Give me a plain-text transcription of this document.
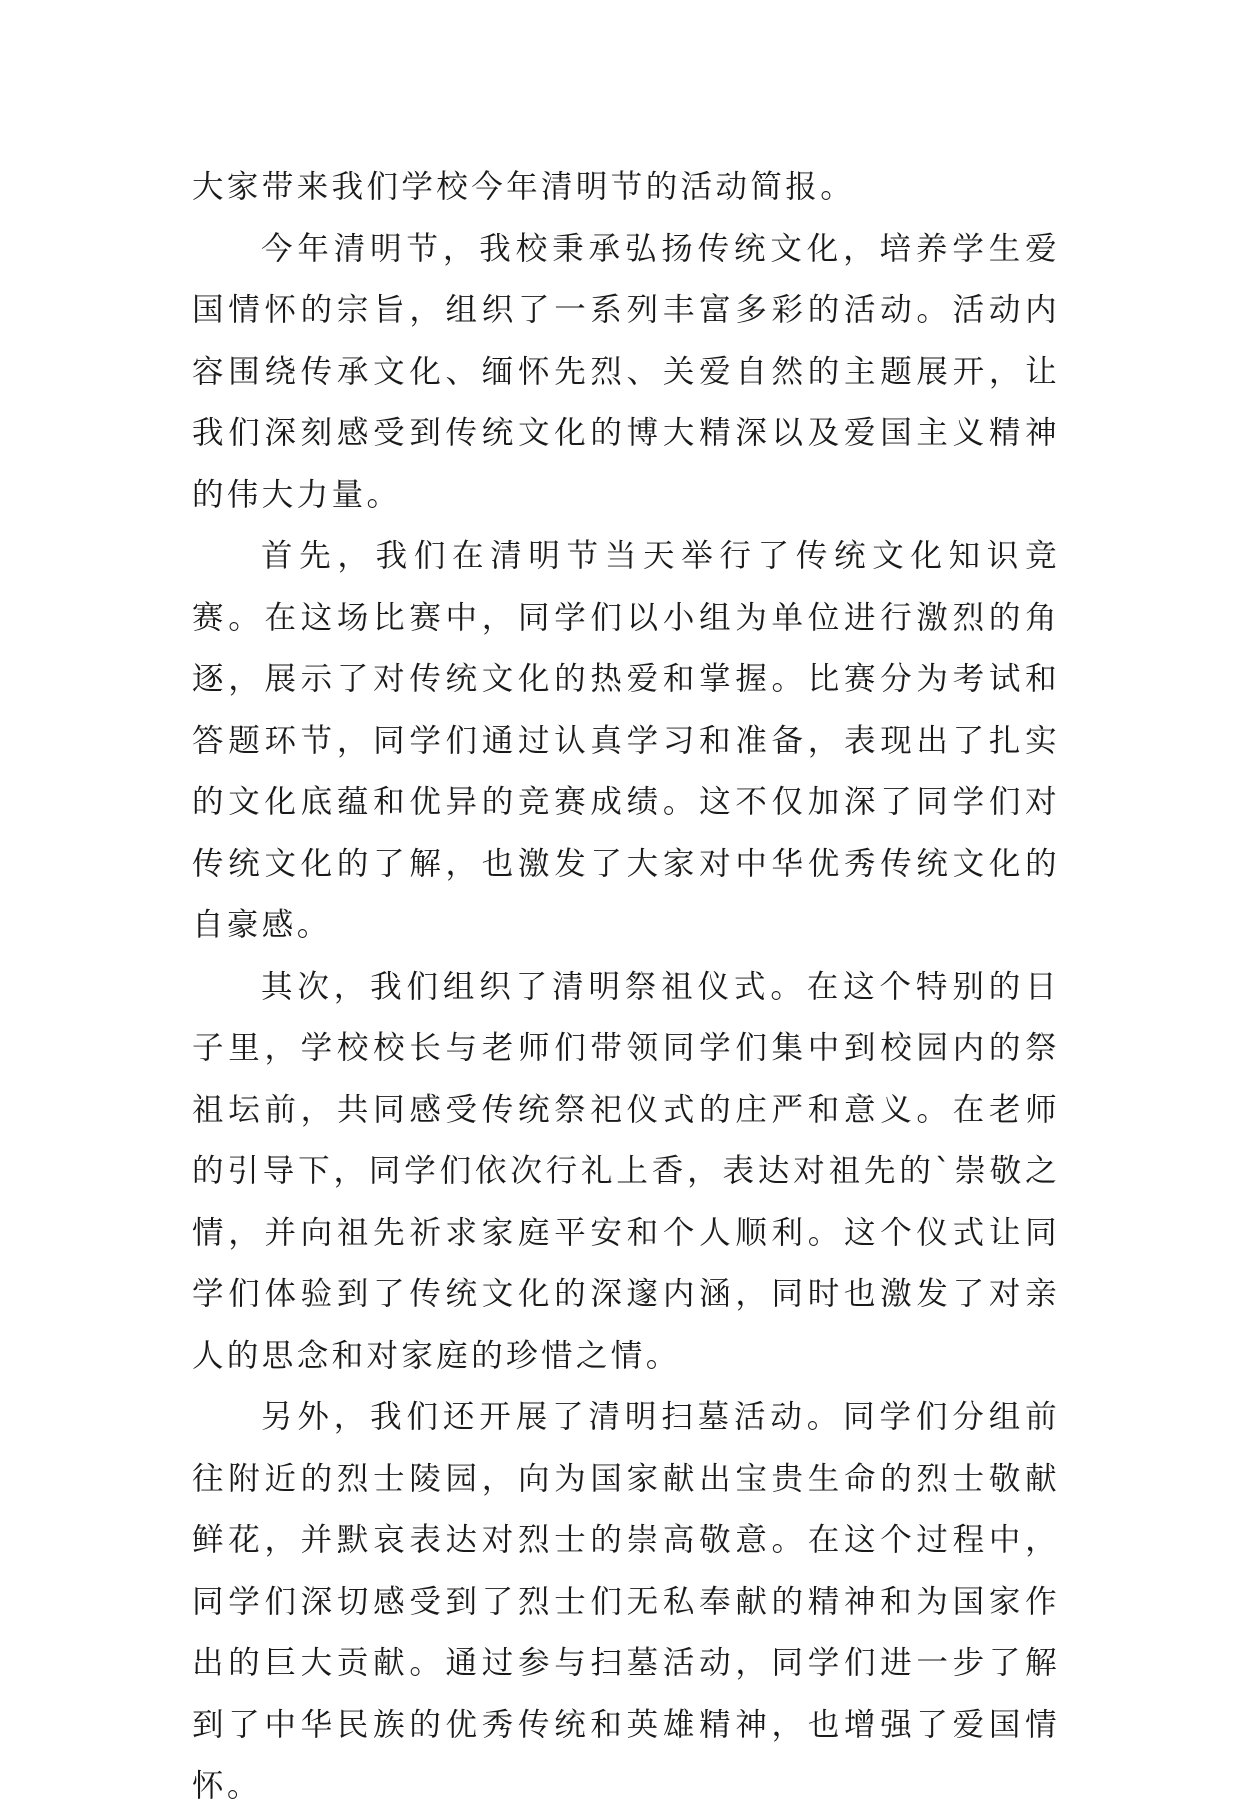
大家带来我们学校今年清明节的活动简报。

今年清明节，我校秉承弘扬传统文化，培养学生爱国情怀的宗旨，组织了一系列丰富多彩的活动。活动内容围绕传承文化、缅怀先烈、关爱自然的主题展开，让我们深刻感受到传统文化的博大精深以及爱国主义精神的伟大力量。

首先，我们在清明节当天举行了传统文化知识竞赛。在这场比赛中，同学们以小组为单位进行激烈的角逐，展示了对传统文化的热爱和掌握。比赛分为考试和答题环节，同学们通过认真学习和准备，表现出了扎实的文化底蕴和优异的竞赛成绩。这不仅加深了同学们对传统文化的了解，也激发了大家对中华优秀传统文化的自豪感。

其次，我们组织了清明祭祖仪式。在这个特别的日子里，学校校长与老师们带领同学们集中到校园内的祭祖坛前，共同感受传统祭祀仪式的庄严和意义。在老师的引导下，同学们依次行礼上香，表达对祖先的`崇敬之情，并向祖先祈求家庭平安和个人顺利。这个仪式让同学们体验到了传统文化的深邃内涵，同时也激发了对亲人的思念和对家庭的珍惜之情。

另外，我们还开展了清明扫墓活动。同学们分组前往附近的烈士陵园，向为国家献出宝贵生命的烈士敬献鲜花，并默哀表达对烈士的崇高敬意。在这个过程中，同学们深切感受到了烈士们无私奉献的精神和为国家作出的巨大贡献。通过参与扫墓活动，同学们进一步了解到了中华民族的优秀传统和英雄精神，也增强了爱国情怀。
